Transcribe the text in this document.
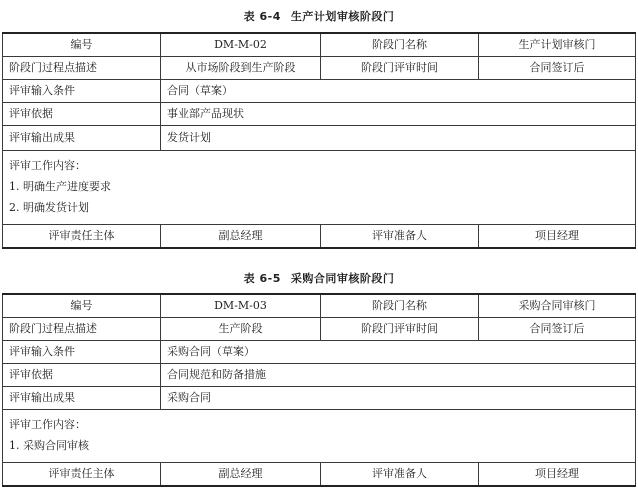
表 6-4 生产计划审核阶段门
编号	DM-M-02	阶段门名称	生产计划审核门
阶段门过程点描述	从市场阶段到生产阶段	阶段门评审时间	合同签订后
评审输入条件	合同（草案）		
评审依据	事业部产品现状		
评审输出成果	发货计划		

评审工作内容：
1. 明确生产进度要求
2. 明确发货计划			

评审责任主体	副总经理	评审准备人	项目经理
表 6-5 采购合同审核阶段门
编号	DM-M-03	阶段门名称	采购合同审核门
阶段门过程点描述	生产阶段	阶段门评审时间	合同签订后
评审输入条件	采购合同（草案）		
评审依据	合同规范和防备措施		
评审输出成果	采购合同		

评审工作内容：
1. 采购合同审核			

评审责任主体	副总经理	评审准备人	项目经理
